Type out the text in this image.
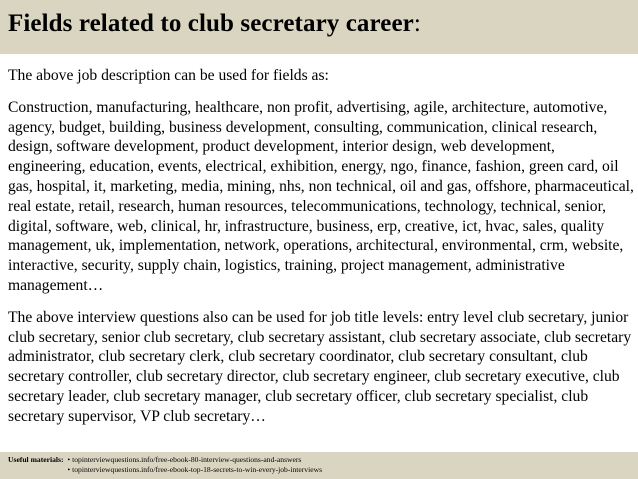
Fields related to club secretary career:

The above job description can be used for fields as:

Construction, manufacturing, healthcare, non profit, advertising, agile, architecture, automotive, agency, budget, building, business development, consulting, communication, clinical research, design, software development, product development, interior design, web development, engineering, education, events, electrical, exhibition, energy, ngo, finance, fashion, green card, oil gas, hospital, it, marketing, media, mining, nhs, non technical, oil and gas, offshore, pharmaceutical, real estate, retail, research, human resources, telecommunications, technology, technical, senior, digital, software, web, clinical, hr, infrastructure, business, erp, creative, ict, hvac, sales, quality management, uk, implementation, network, operations, architectural, environmental, crm, website, interactive, security, supply chain, logistics, training, project management, administrative management…

The above interview questions also can be used for job title levels: entry level club secretary, junior club secretary, senior club secretary, club secretary assistant, club secretary associate, club secretary administrator, club secretary clerk, club secretary coordinator, club secretary consultant, club secretary controller, club secretary director, club secretary engineer, club secretary executive, club secretary leader, club secretary manager, club secretary officer, club secretary specialist, club secretary supervisor, VP club secretary…

Useful materials: • topinterviewquestions.info/free-ebook-80-interview-questions-and-answers
• topinterviewquestions.info/free-ebook-top-18-secrets-to-win-every-job-interviews
